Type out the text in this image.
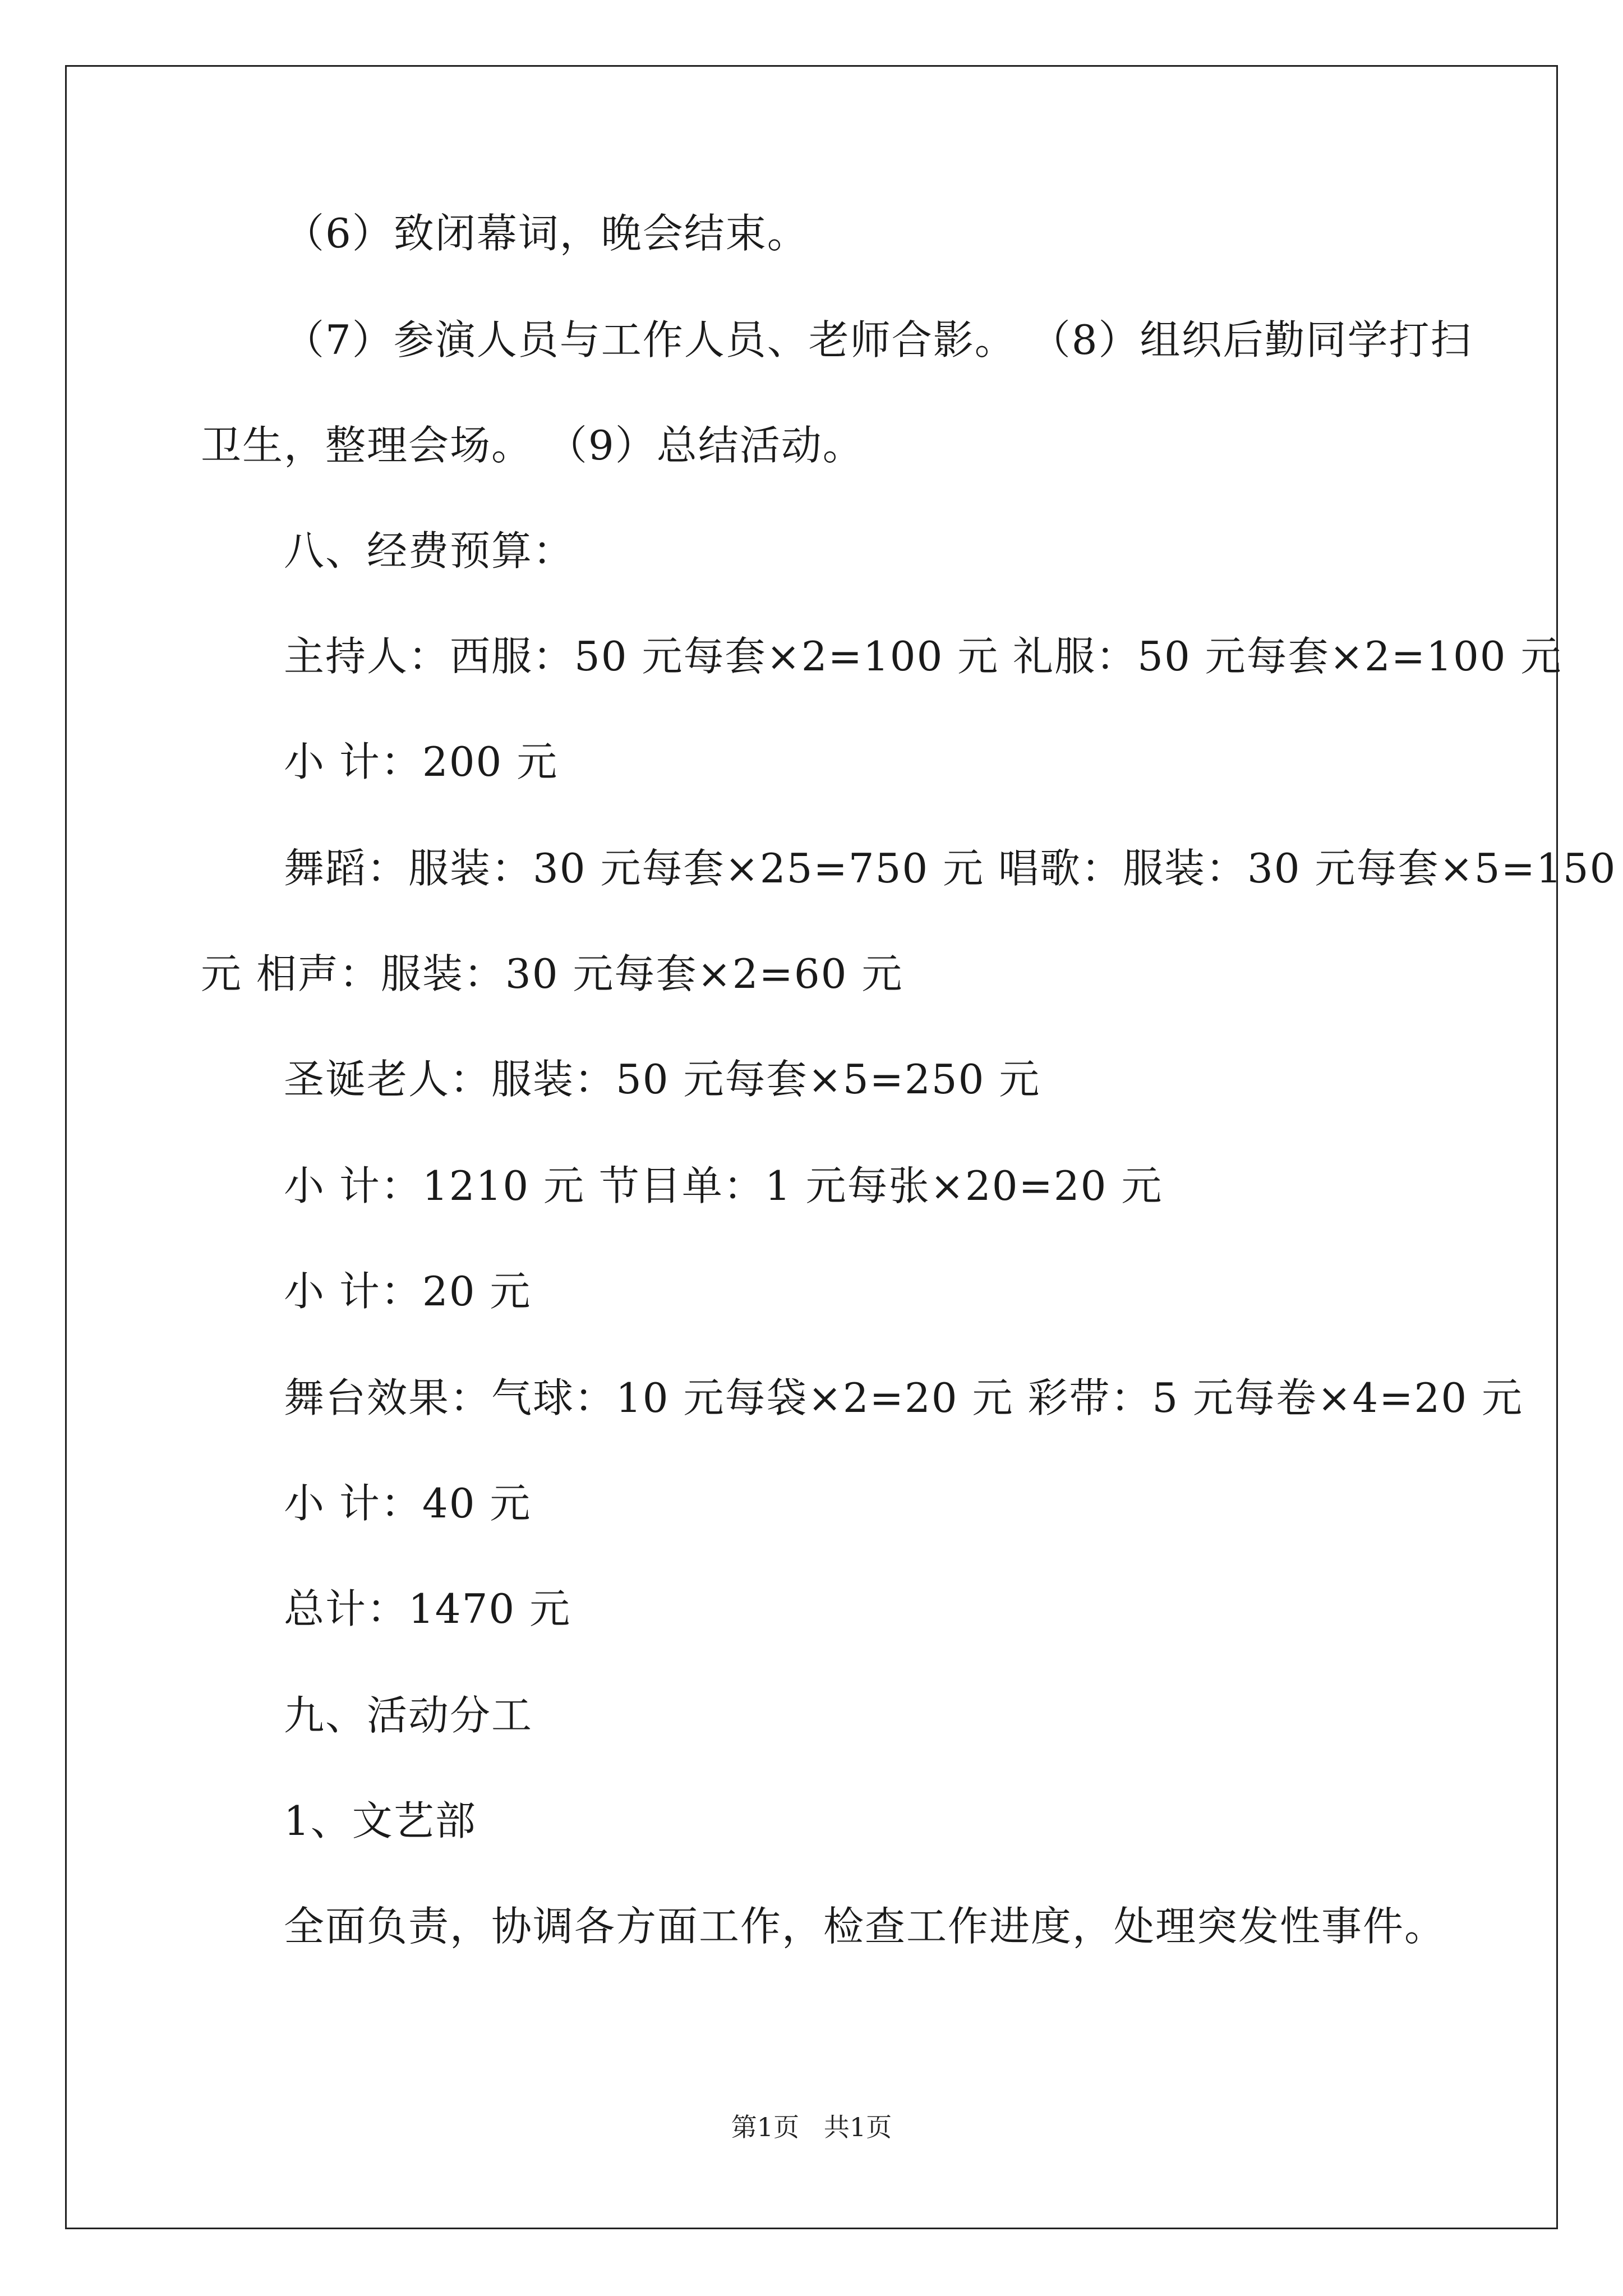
（6）致闭幕词，晚会结束。
（7）参演人员与工作人员、老师合影。 （8）组织后勤同学打扫
卫生，整理会场。 （9）总结活动。
八、经费预算：
主持人：西服：50 元每套×2=100 元 礼服：50 元每套×2=100 元
小 计：200 元
舞蹈：服装：30 元每套×25=750 元 唱歌：服装：30 元每套×5=150
元 相声：服装：30 元每套×2=60 元
圣诞老人：服装：50 元每套×5=250 元
小 计：1210 元 节目单：1 元每张×20=20 元
小 计：20 元
舞台效果：气球：10 元每袋×2=20 元 彩带：5 元每卷×4=20 元
小 计：40 元
总计：1470 元
九、活动分工
1、文艺部
全面负责，协调各方面工作，检查工作进度，处理突发性事件。
第1页   共1页
